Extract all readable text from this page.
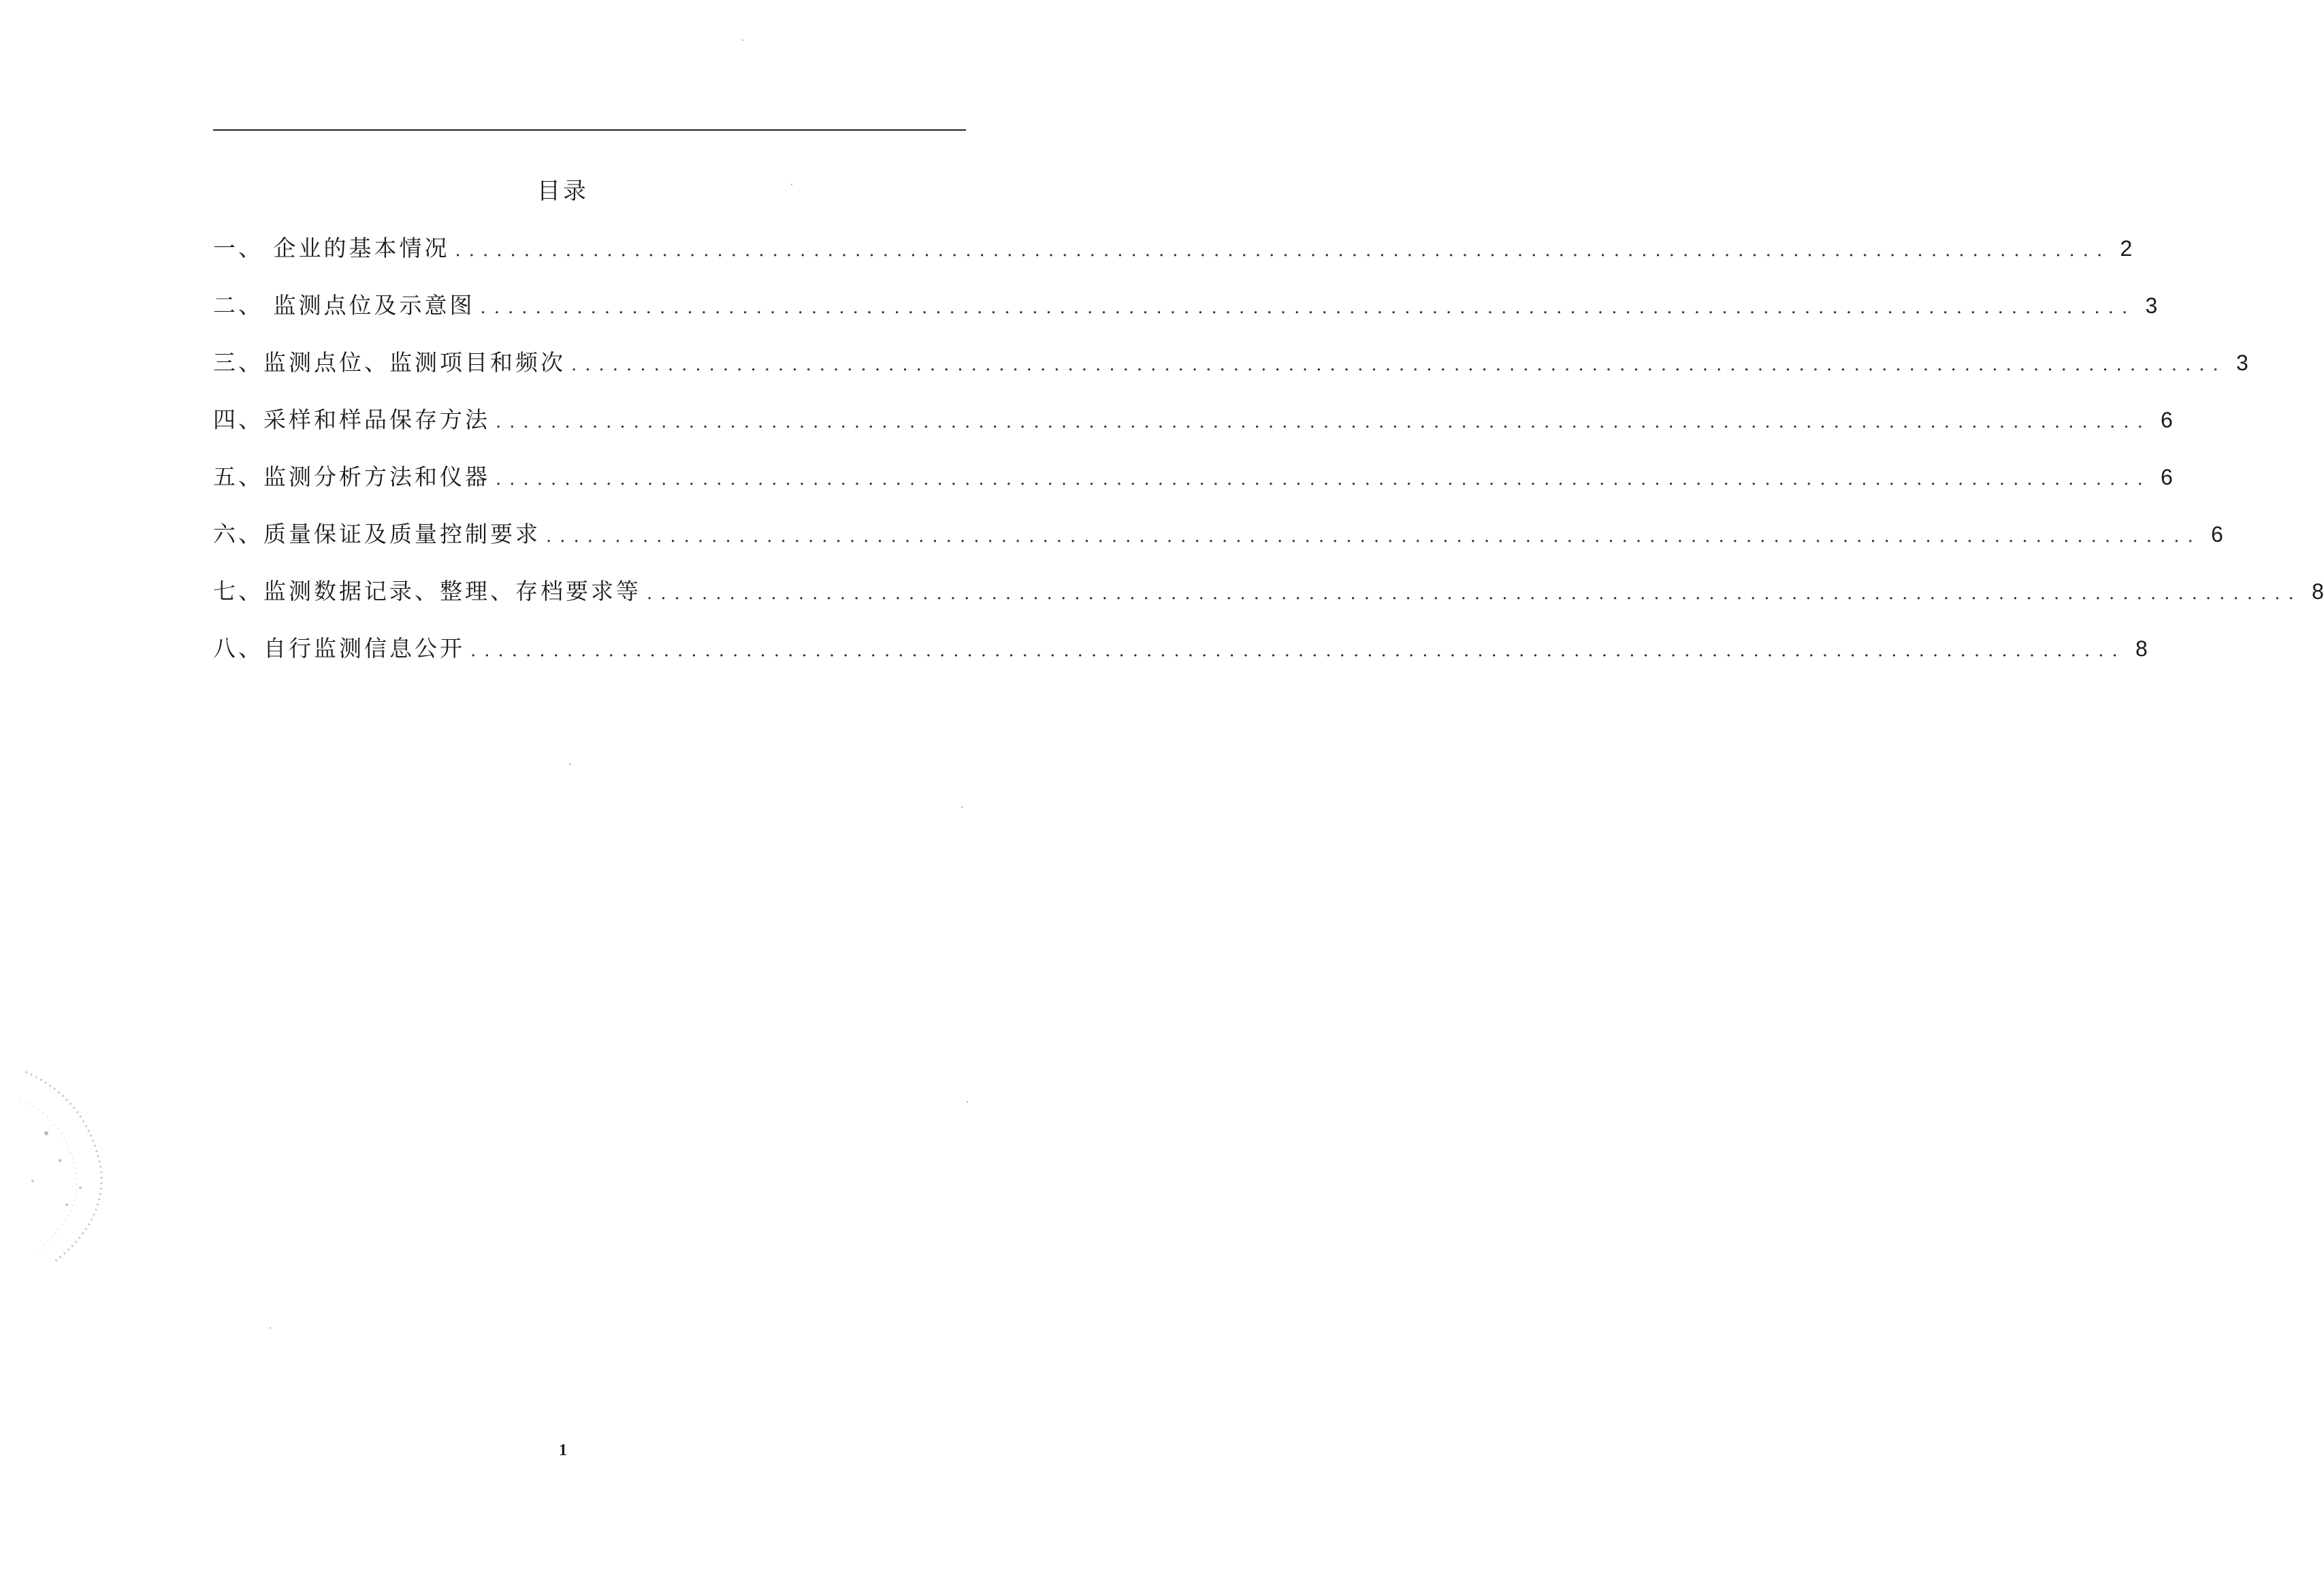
目录
一、 企业的基本情况 ........................................................................................................................ 2
二、 监测点位及示意图 ........................................................................................................................ 3
三、监测点位、监测项目和频次 ........................................................................................................................ 3
四、采样和样品保存方法 ........................................................................................................................ 6
五、监测分析方法和仪器 ........................................................................................................................ 6
六、质量保证及质量控制要求 ........................................................................................................................ 6
七、监测数据记录、整理、存档要求等 ........................................................................................................................ 8
八、自行监测信息公开 ........................................................................................................................ 8
1
